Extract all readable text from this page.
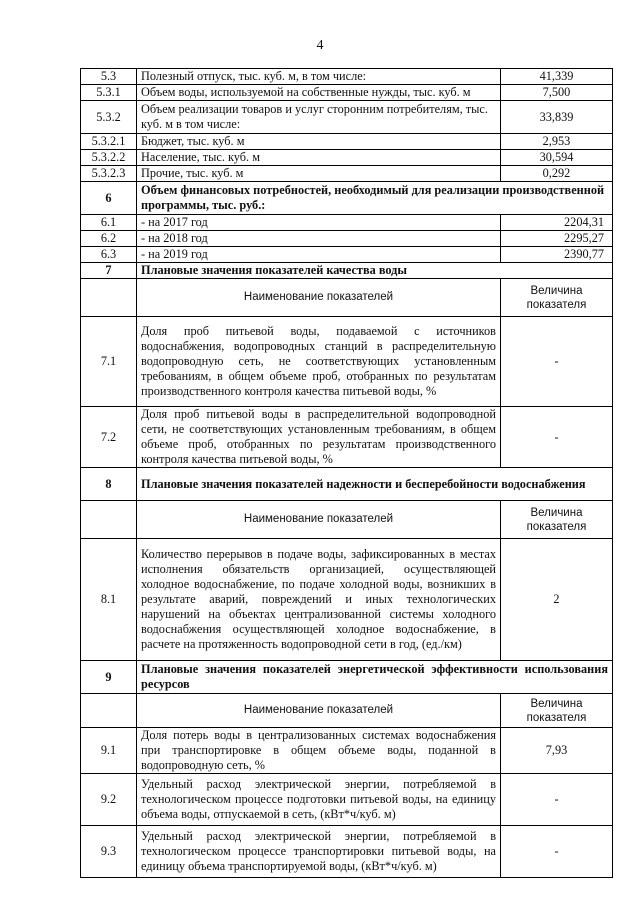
4
5.3	Полезный отпуск, тыс. куб. м, в том числе:	41,339
5.3.1	Объем воды, используемой на собственные нужды, тыс. куб. м	7,500
5.3.2	Объем реализации товаров и услуг сторонним потребителям, тыс. куб. м в том числе:	33,839
5.3.2.1	Бюджет, тыс. куб. м	2,953
5.3.2.2	Население, тыс. куб. м	30,594
5.3.2.3	Прочие, тыс. куб. м	0,292
6	Объем финансовых потребностей, необходимый для реализации производственной программы, тыс. руб.:	
6.1	- на 2017 год	2204,31
6.2	- на 2018 год	2295,27
6.3	- на 2019 год	2390,77
7	Плановые значения показателей качества воды	
	Наименование показателей	Величина показателя
7.1	Доля проб питьевой воды, подаваемой с источников водоснабжения, водопроводных станций в распределительную водопроводную сеть, не соответствующих установленным требованиям, в общем объеме проб, отобранных по результатам производственного контроля качества питьевой воды, %	-
7.2	Доля проб питьевой воды в распределительной водопроводной сети, не соответствующих установленным требованиям, в общем объеме проб, отобранных по результатам производственного контроля качества питьевой воды, %	-
8	Плановые значения показателей надежности и бесперебойности водоснабжения	
	Наименование показателей	Величина показателя
8.1	Количество перерывов в подаче воды, зафиксированных в местах исполнения обязательств организацией, осуществляющей холодное водоснабжение, по подаче холодной воды, возникших в результате аварий, повреждений и иных технологических нарушений на объектах централизованной системы холодного водоснабжения осуществляющей холодное водоснабжение, в расчете на протяженность водопроводной сети в год, (ед./км)	2
9	Плановые значения показателей энергетической эффективности использования ресурсов	
	Наименование показателей	Величина показателя
9.1	Доля потерь воды в централизованных системах водоснабжения при транспортировке в общем объеме воды, поданной в водопроводную сеть, %	7,93
9.2	Удельный расход электрической энергии, потребляемой в технологическом процессе подготовки питьевой воды, на единицу объема воды, отпускаемой в сеть, (кВт*ч/куб. м)	-
9.3	Удельный расход электрической энергии, потребляемой в технологическом процессе транспортировки питьевой воды, на единицу объема транспортируемой воды, (кВт*ч/куб. м)	-
